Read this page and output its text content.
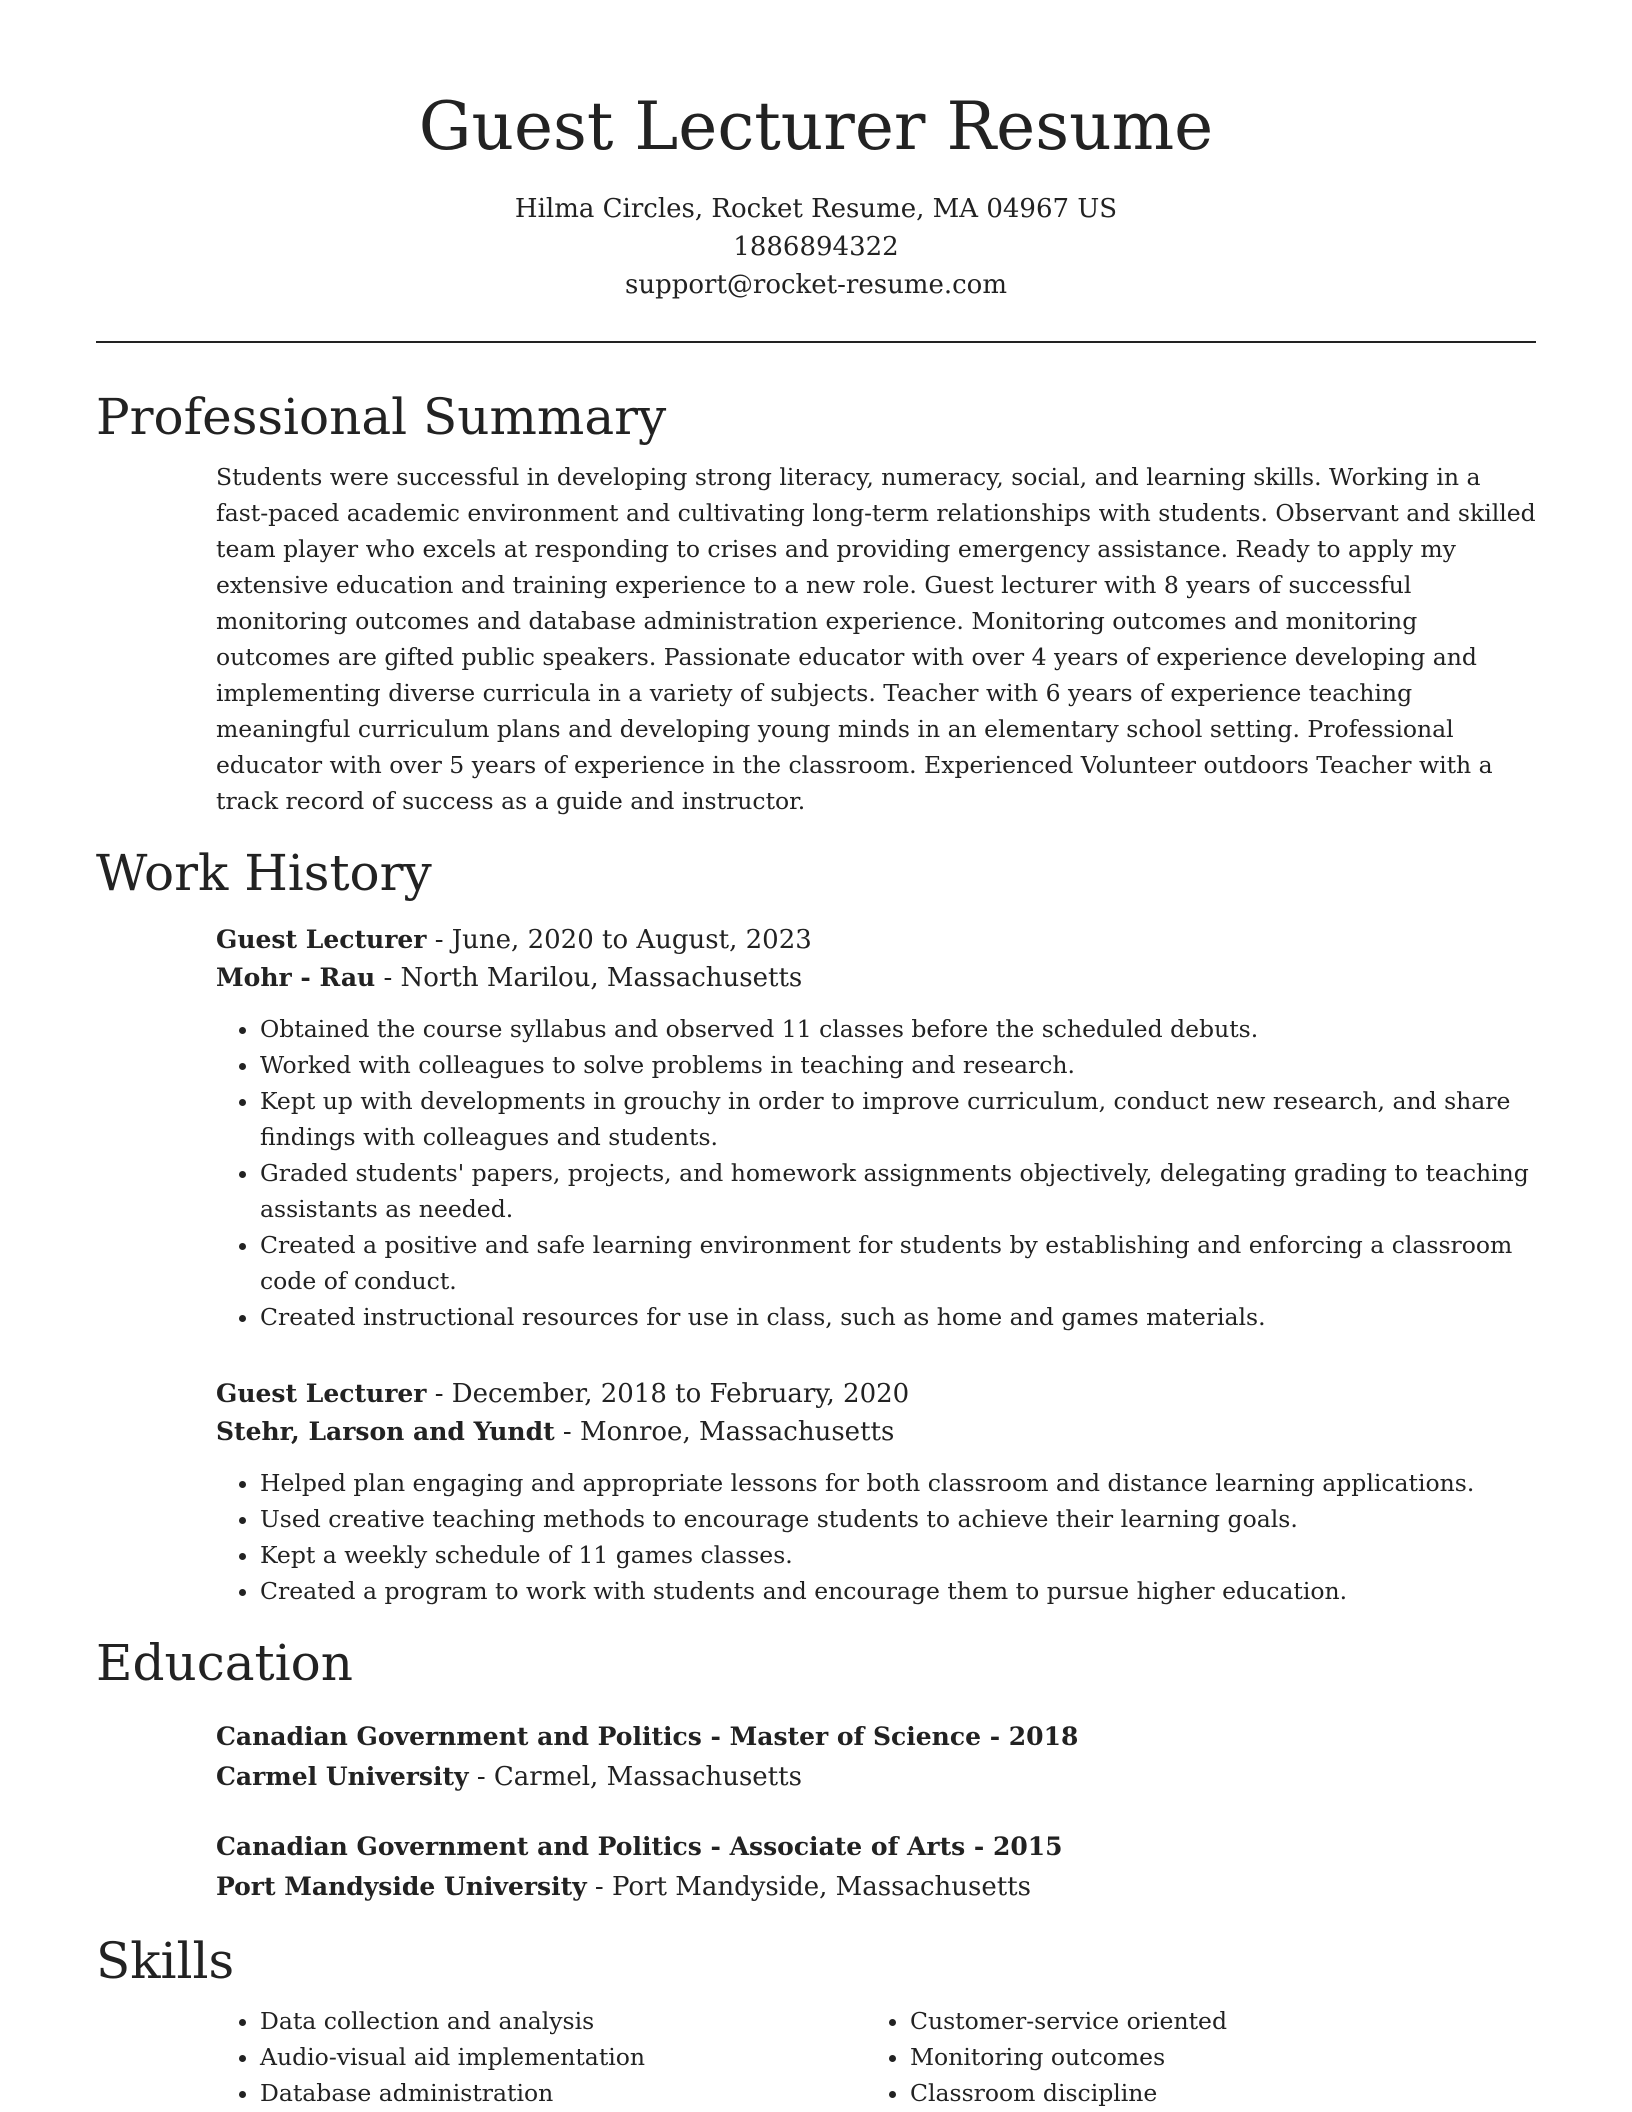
Guest Lecturer Resume
Hilma Circles, Rocket Resume, MA 04967 US
1886894322
support@rocket-resume.com
Professional Summary

Students were successful in developing strong literacy, numeracy, social, and learning skills. Working in a fast-paced academic environment and cultivating long-term relationships with students. Observant and skilled team player who excels at responding to crises and providing emergency assistance. Ready to apply my extensive education and training experience to a new role. Guest lecturer with 8 years of successful monitoring outcomes and database administration experience. Monitoring outcomes and monitoring outcomes are gifted public speakers. Passionate educator with over 4 years of experience developing and implementing diverse curricula in a variety of subjects. Teacher with 6 years of experience teaching meaningful curriculum plans and developing young minds in an elementary school setting. Professional educator with over 5 years of experience in the classroom. Experienced Volunteer outdoors Teacher with a track record of success as a guide and instructor.

Work History
Guest Lecturer - June, 2020 to August, 2023
Mohr - Rau - North Marilou, Massachusetts
• Obtained the course syllabus and observed 11 classes before the scheduled debuts.
• Worked with colleagues to solve problems in teaching and research.
• Kept up with developments in grouchy in order to improve curriculum, conduct new research, and share findings with colleagues and students.
• Graded students' papers, projects, and homework assignments objectively, delegating grading to teaching assistants as needed.
• Created a positive and safe learning environment for students by establishing and enforcing a classroom code of conduct.
• Created instructional resources for use in class, such as home and games materials.
Guest Lecturer - December, 2018 to February, 2020
Stehr, Larson and Yundt - Monroe, Massachusetts
• Helped plan engaging and appropriate lessons for both classroom and distance learning applications.
• Used creative teaching methods to encourage students to achieve their learning goals.
• Kept a weekly schedule of 11 games classes.
• Created a program to work with students and encourage them to pursue higher education.
Education
Canadian Government and Politics - Master of Science - 2018
Carmel University - Carmel, Massachusetts
Canadian Government and Politics - Associate of Arts - 2015
Port Mandyside University - Port Mandyside, Massachusetts
Skills
• Data collection and analysis
• Audio-visual aid implementation
• Database administration
• Customer-service oriented
• Monitoring outcomes
• Classroom discipline
